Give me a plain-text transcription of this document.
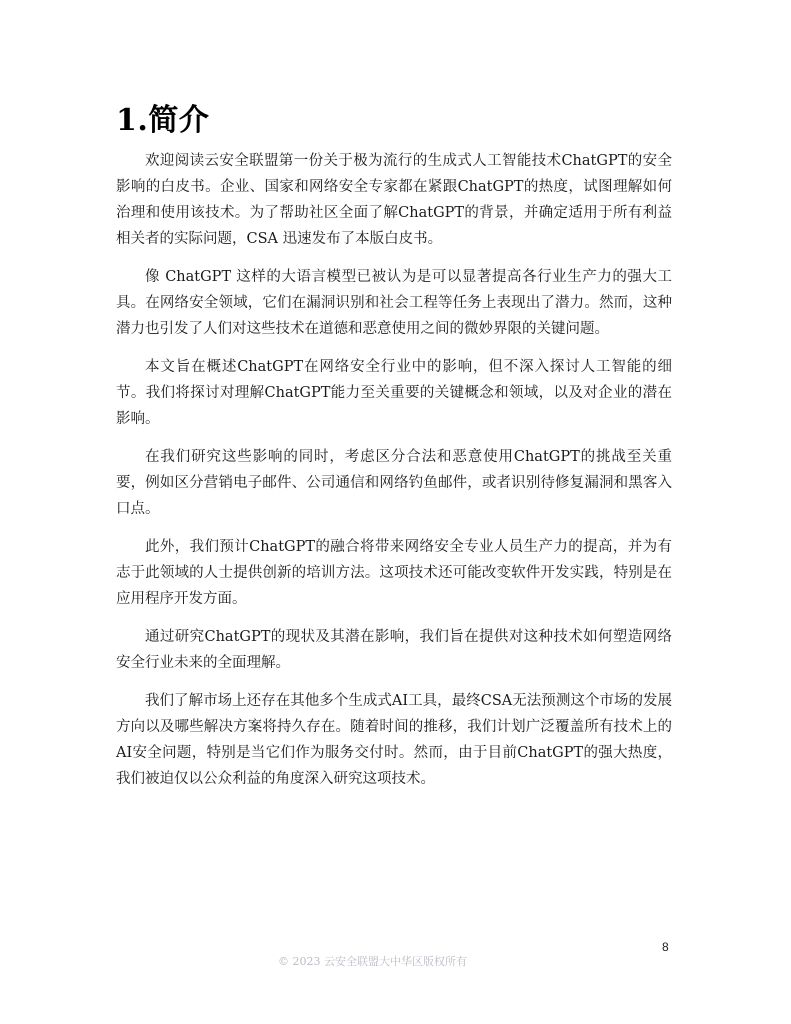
1.简介

欢迎阅读云安全联盟第一份关于极为流行的生成式人工智能技术ChatGPT的安全影响的白皮书。企业、国家和网络安全专家都在紧跟ChatGPT的热度，试图理解如何治理和使用该技术。为了帮助社区全面了解ChatGPT的背景，并确定适用于所有利益相关者的实际问题，CSA 迅速发布了本版白皮书。

像 ChatGPT 这样的大语言模型已被认为是可以显著提高各行业生产力的强大工具。在网络安全领域，它们在漏洞识别和社会工程等任务上表现出了潜力。然而，这种潜力也引发了人们对这些技术在道德和恶意使用之间的微妙界限的关键问题。

本文旨在概述ChatGPT在网络安全行业中的影响，但不深入探讨人工智能的细节。我们将探讨对理解ChatGPT能力至关重要的关键概念和领域，以及对企业的潜在影响。

在我们研究这些影响的同时，考虑区分合法和恶意使用ChatGPT的挑战至关重要，例如区分营销电子邮件、公司通信和网络钓鱼邮件，或者识别待修复漏洞和黑客入口点。

此外，我们预计ChatGPT的融合将带来网络安全专业人员生产力的提高，并为有志于此领域的人士提供创新的培训方法。这项技术还可能改变软件开发实践，特别是在应用程序开发方面。

通过研究ChatGPT的现状及其潜在影响，我们旨在提供对这种技术如何塑造网络安全行业未来的全面理解。

我们了解市场上还存在其他多个生成式AI工具，最终CSA无法预测这个市场的发展方向以及哪些解决方案将持久存在。随着时间的推移，我们计划广泛覆盖所有技术上的AI安全问题，特别是当它们作为服务交付时。然而，由于目前ChatGPT的强大热度，我们被迫仅以公众利益的角度深入研究这项技术。

8
© 2023 云安全联盟大中华区版权所有
